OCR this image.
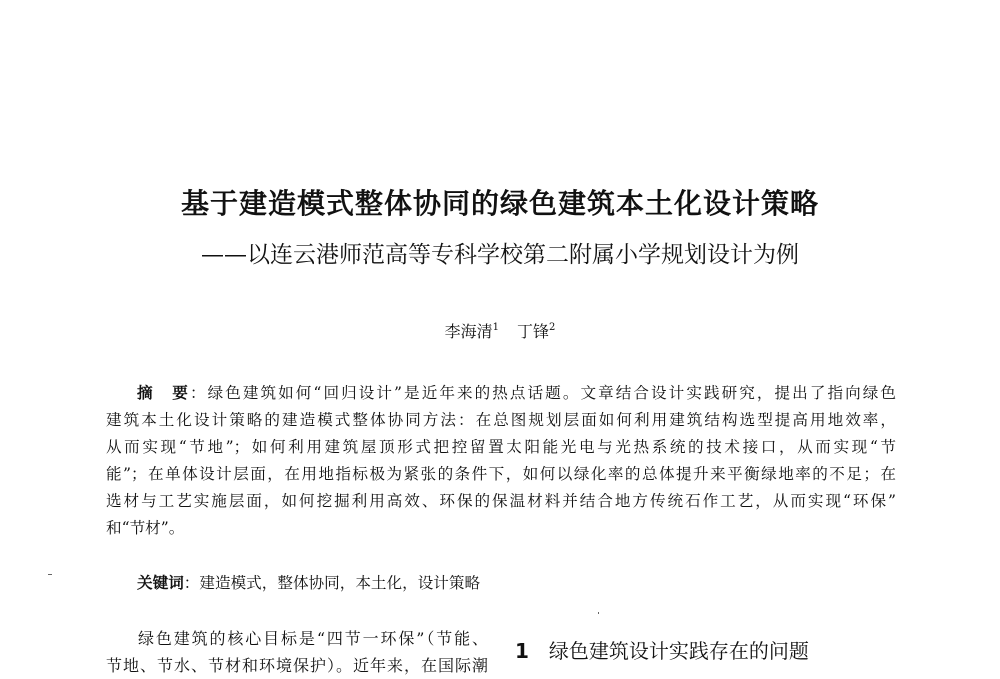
基于建造模式整体协同的绿色建筑本土化设计策略
——以连云港师范高等专科学校第二附属小学规划设计为例
李海清$^1$ 丁锋$^2$
摘　要：绿色建筑如何“回归设计”是近年来的热点话题。文章结合设计实践研究，提出了指向绿色
建筑本土化设计策略的建造模式整体协同方法：在总图规划层面如何利用建筑结构选型提高用地效率，
从而实现“节地”；如何利用建筑屋顶形式把控留置太阳能光电与光热系统的技术接口，从而实现“节
能”；在单体设计层面，在用地指标极为紧张的条件下，如何以绿化率的总体提升来平衡绿地率的不足；在
选材与工艺实施层面，如何挖掘利用高效、环保的保温材料并结合地方传统石作工艺，从而实现“环保”
和“节材”。
关键词：建造模式，整体协同，本土化，设计策略
绿色建筑的核心目标是“四节一环保”（节能、
节地、节水、节材和环境保护）。近年来，在国际潮
1 绿色建筑设计实践存在的问题
